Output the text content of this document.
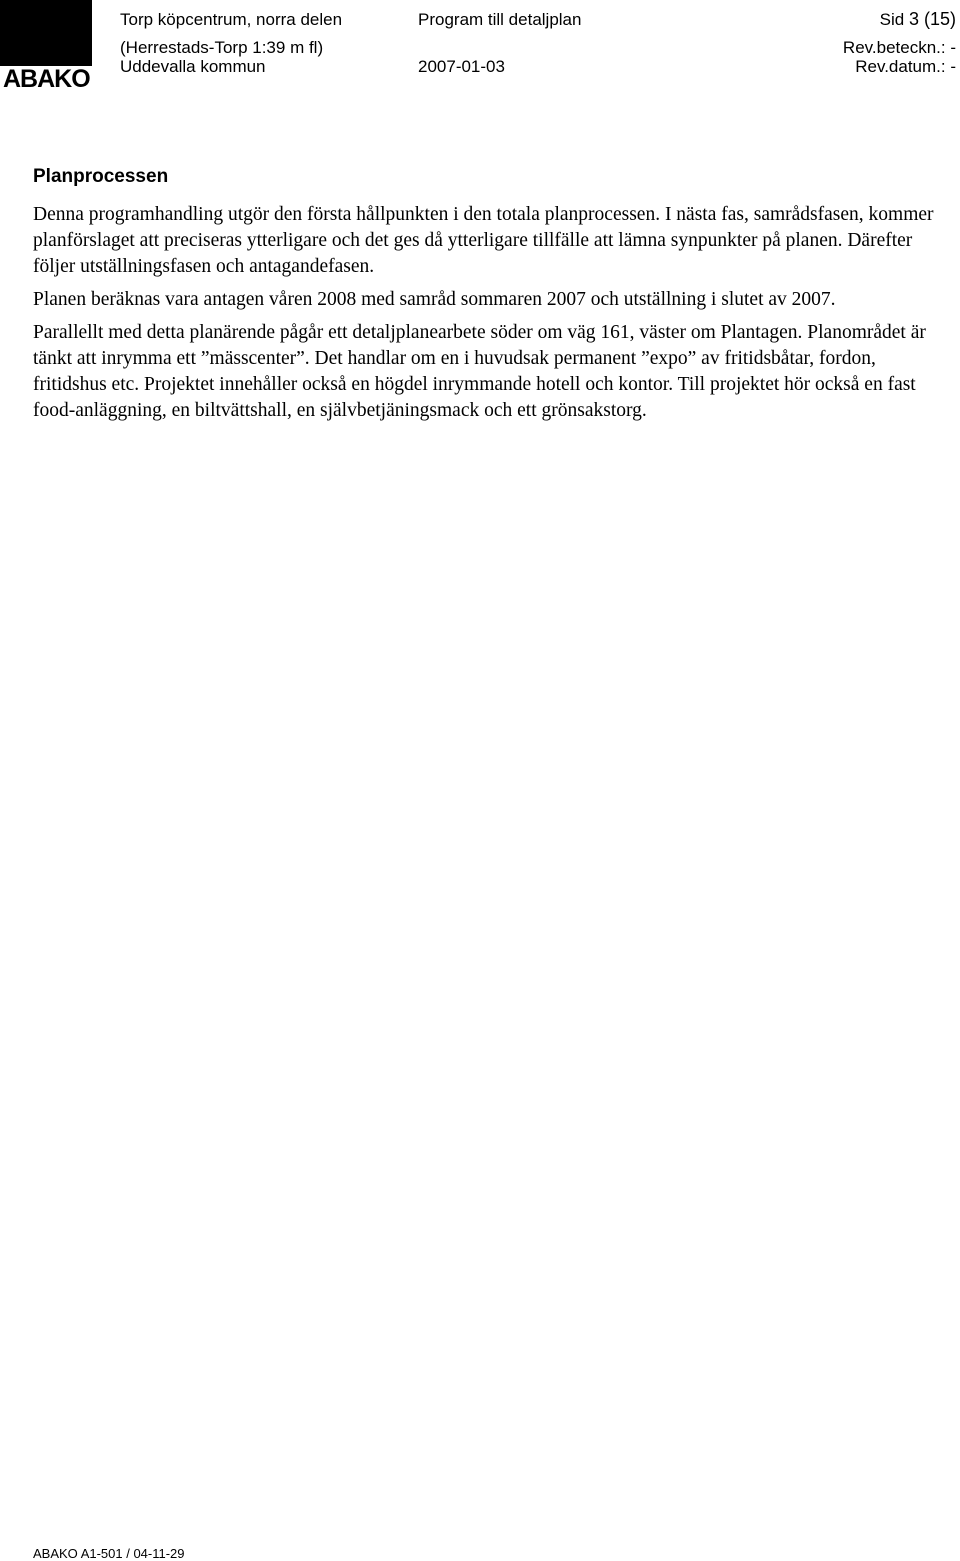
ABAKO
Torp köpcentrum, norra delen
(Herrestads-Torp 1:39 m fl)
Uddevalla kommun
Program till detaljplan
2007-01-03
Sid 3 (15)
Rev.beteckn.: -
Rev.datum.: -
Planprocessen

Denna programhandling utgör den första hållpunkten i den totala planprocessen. I nästa fas, samrådsfasen, kommer planförslaget att preciseras ytterligare och det ges då ytterligare tillfälle att lämna synpunkter på planen. Därefter följer utställningsfasen och antagandefasen.

Planen beräknas vara antagen våren 2008 med samråd sommaren 2007 och utställning i slutet av 2007.

Parallellt med detta planärende pågår ett detaljplanearbete söder om väg 161, väster om Plantagen. Planområdet är tänkt att inrymma ett ”mässcenter”. Det handlar om en i huvudsak permanent ”expo” av fritidsbåtar, fordon, fritidshus etc. Projektet innehåller också en högdel inrymmande hotell och kontor. Till projektet hör också en fast food-anläggning, en biltvättshall, en självbetjäningsmack och ett grönsakstorg.

ABAKO A1-501 / 04-11-29
